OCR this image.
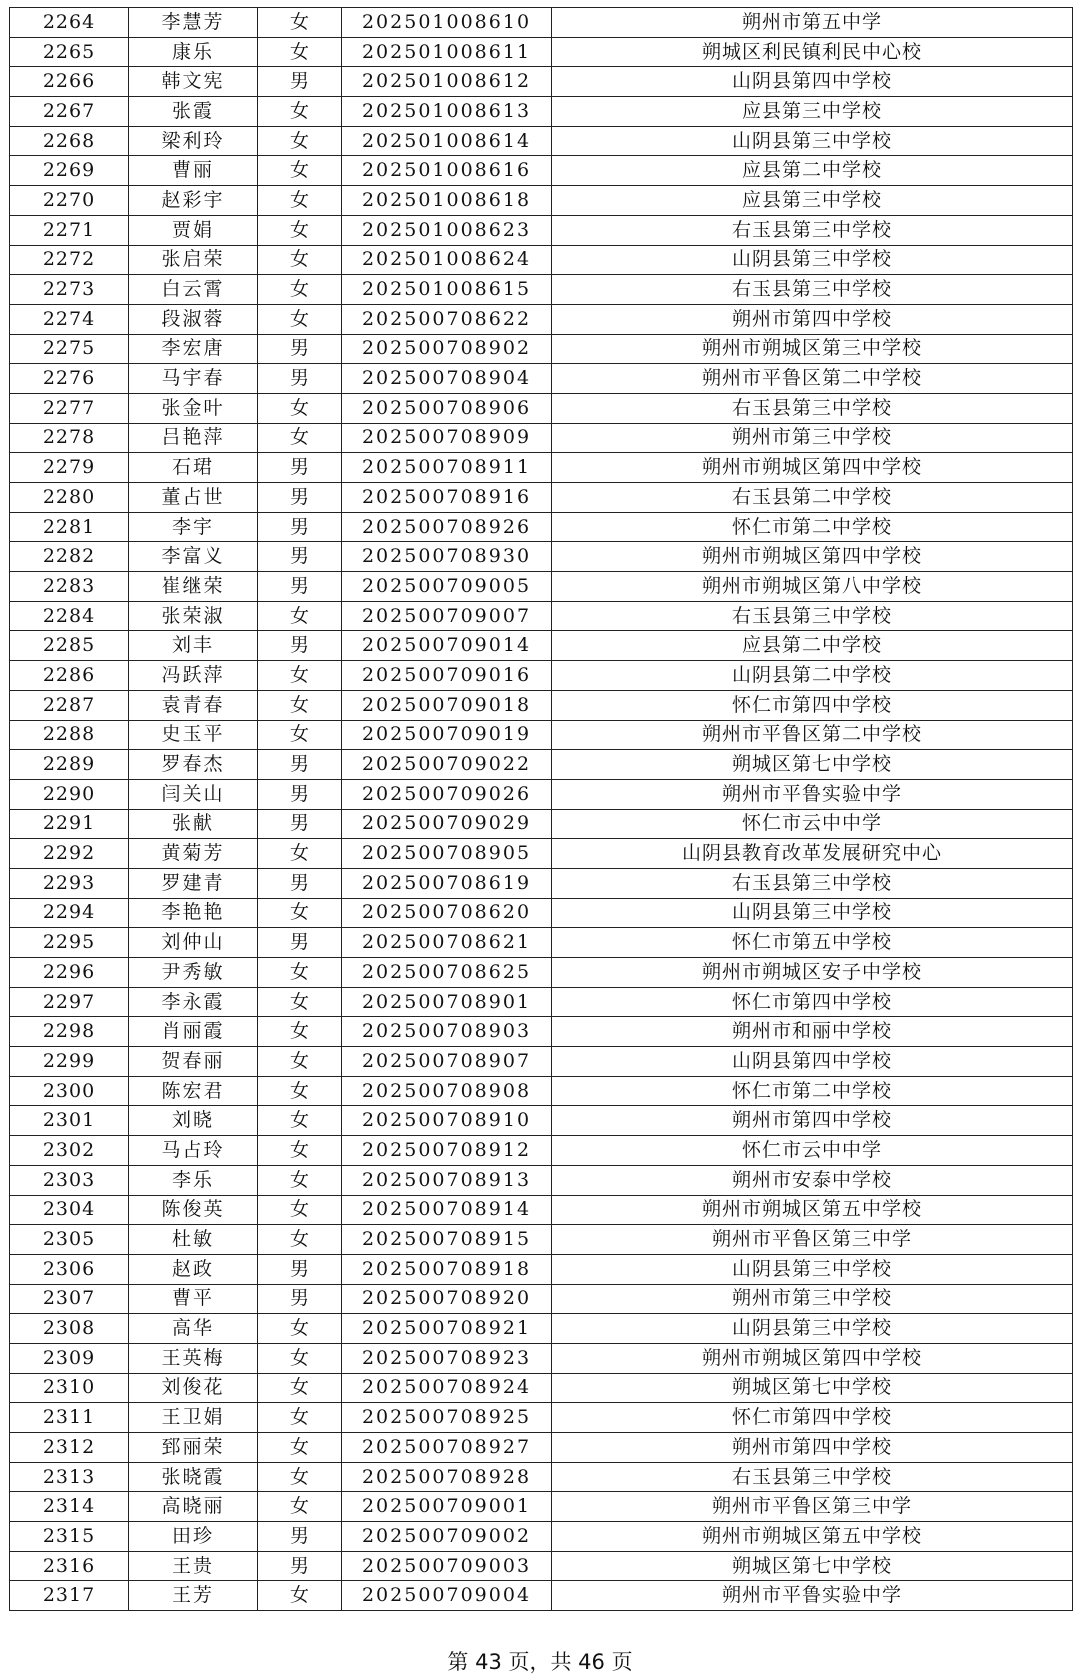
2264	李慧芳	女	202501008610	朔州市第五中学
2265	康乐	女	202501008611	朔城区利民镇利民中心校
2266	韩文宪	男	202501008612	山阴县第四中学校
2267	张霞	女	202501008613	应县第三中学校
2268	梁利玲	女	202501008614	山阴县第三中学校
2269	曹丽	女	202501008616	应县第二中学校
2270	赵彩宇	女	202501008618	应县第三中学校
2271	贾娟	女	202501008623	右玉县第三中学校
2272	张启荣	女	202501008624	山阴县第三中学校
2273	白云霄	女	202501008615	右玉县第三中学校
2274	段淑蓉	女	202500708622	朔州市第四中学校
2275	李宏唐	男	202500708902	朔州市朔城区第三中学校
2276	马宇春	男	202500708904	朔州市平鲁区第二中学校
2277	张金叶	女	202500708906	右玉县第三中学校
2278	吕艳萍	女	202500708909	朔州市第三中学校
2279	石珺	男	202500708911	朔州市朔城区第四中学校
2280	董占世	男	202500708916	右玉县第二中学校
2281	李宇	男	202500708926	怀仁市第二中学校
2282	李富义	男	202500708930	朔州市朔城区第四中学校
2283	崔继荣	男	202500709005	朔州市朔城区第八中学校
2284	张荣淑	女	202500709007	右玉县第三中学校
2285	刘丰	男	202500709014	应县第二中学校
2286	冯跃萍	女	202500709016	山阴县第二中学校
2287	袁青春	女	202500709018	怀仁市第四中学校
2288	史玉平	女	202500709019	朔州市平鲁区第二中学校
2289	罗春杰	男	202500709022	朔城区第七中学校
2290	闫关山	男	202500709026	朔州市平鲁实验中学
2291	张献	男	202500709029	怀仁市云中中学
2292	黄菊芳	女	202500708905	山阴县教育改革发展研究中心
2293	罗建青	男	202500708619	右玉县第三中学校
2294	李艳艳	女	202500708620	山阴县第三中学校
2295	刘仲山	男	202500708621	怀仁市第五中学校
2296	尹秀敏	女	202500708625	朔州市朔城区安子中学校
2297	李永霞	女	202500708901	怀仁市第四中学校
2298	肖丽霞	女	202500708903	朔州市和丽中学校
2299	贺春丽	女	202500708907	山阴县第四中学校
2300	陈宏君	女	202500708908	怀仁市第二中学校
2301	刘晓	女	202500708910	朔州市第四中学校
2302	马占玲	女	202500708912	怀仁市云中中学
2303	李乐	女	202500708913	朔州市安泰中学校
2304	陈俊英	女	202500708914	朔州市朔城区第五中学校
2305	杜敏	女	202500708915	朔州市平鲁区第三中学
2306	赵政	男	202500708918	山阴县第三中学校
2307	曹平	男	202500708920	朔州市第三中学校
2308	高华	女	202500708921	山阴县第三中学校
2309	王英梅	女	202500708923	朔州市朔城区第四中学校
2310	刘俊花	女	202500708924	朔城区第七中学校
2311	王卫娟	女	202500708925	怀仁市第四中学校
2312	郅丽荣	女	202500708927	朔州市第四中学校
2313	张晓霞	女	202500708928	右玉县第三中学校
2314	高晓丽	女	202500709001	朔州市平鲁区第三中学
2315	田珍	男	202500709002	朔州市朔城区第五中学校
2316	王贵	男	202500709003	朔城区第七中学校
2317	王芳	女	202500709004	朔州市平鲁实验中学
第 43 页，共 46 页
